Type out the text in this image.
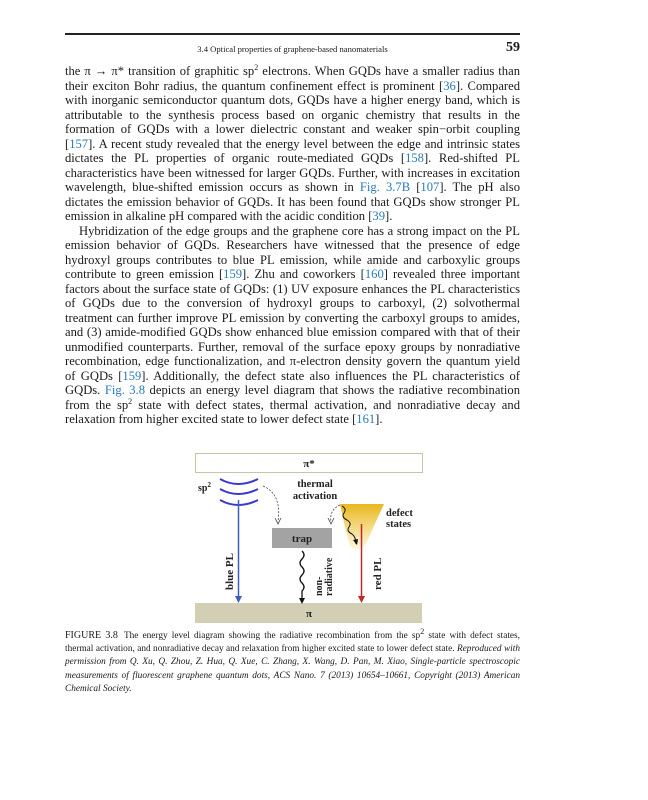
3.4 Optical properties of graphene-based nanomaterials	59

the π → π* transition of graphitic $sp^2$ electrons. When GQDs have a smaller radius than their exciton Bohr radius, the quantum confinement effect is prominent [36]. Compared with inorganic semiconductor quantum dots, GQDs have a higher energy band, which is attributable to the synthesis process based on organic chemistry that results in the formation of GQDs with a lower dielectric constant and weaker spin−orbit coupling [157]. A recent study revealed that the energy level between the edge and intrinsic states dictates the PL properties of organic route-mediated GQDs [158]. Red-shifted PL characteristics have been witnessed for larger GQDs. Further, with increases in excitation wavelength, blue-shifted emission occurs as shown in Fig. 3.7B [107]. The pH also dictates the emission behavior of GQDs. It has been found that GQDs show stronger PL emission in alkaline pH compared with the acidic condition [39].

Hybridization of the edge groups and the graphene core has a strong impact on the PL emission behavior of GQDs. Researchers have witnessed that the presence of edge hydroxyl groups contributes to blue PL emission, while amide and carboxylic groups contribute to green emission [159]. Zhu and coworkers [160] revealed three important factors about the surface state of GQDs: (1) UV exposure enhances the PL characteristics of GQDs due to the conversion of hydroxyl groups to carboxyl, (2) solvothermal treatment can further improve PL emission by converting the carboxyl groups to amides, and (3) amide-modified GQDs show enhanced blue emission compared with that of their unmodified counterparts. Further, removal of the surface epoxy groups by nonradiative recombination, edge functionalization, and π-electron density govern the quantum yield of GQDs [159]. Additionally, the defect state also influences the PL characteristics of GQDs. Fig. 3.8 depicts an energy level diagram that shows the radiative recombination from the $sp^2$ state with defect states, thermal activation, and nonradiative decay and relaxation from higher excited state to lower defect state [161].

π*
π
$sp^2$
blue PL
thermal activation
trap
non-radiative	red PL
defect states
FIGURE 3.8 The energy level diagram showing the radiative recombination from the $sp^2$ state with defect states, thermal activation, and nonradiative decay and relaxation from higher excited state to lower defect state. Reproduced with permission from Q. Xu, Q. Zhou, Z. Hua, Q. Xue, C. Zhang, X. Wang, D. Pan, M. Xiao, Single-particle spectroscopic measurements of fluorescent graphene quantum dots, ACS Nano. 7 (2013) 10654–10661, Copyright (2013) American Chemical Society.
